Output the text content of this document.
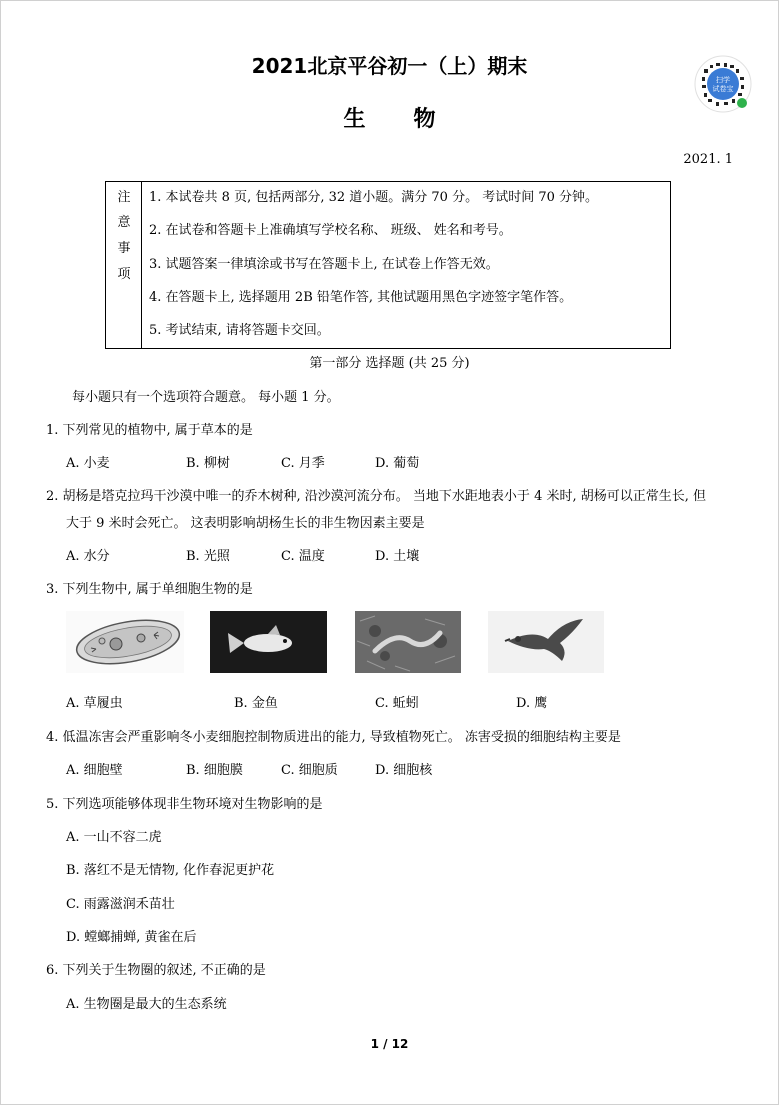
2021北京平谷初一（上）期末
生物
扫学
试卷宝
2021. 1
注
意
事
项
1. 本试卷共 8 页, 包括两部分, 32 道小题。满分 70 分。 考试时间 70 分钟。
2. 在试卷和答题卡上准确填写学校名称、 班级、 姓名和考号。
3. 试题答案一律填涂或书写在答题卡上, 在试卷上作答无效。
4. 在答题卡上, 选择题用 2B 铅笔作答, 其他试题用黑色字迹签字笔作答。
5. 考试结束, 请将答题卡交回。
第一部分 选择题 (共 25 分)
每小题只有一个选项符合题意。 每小题 1 分。
1. 下列常见的植物中, 属于草本的是
A. 小麦	B. 柳树	C. 月季	D. 葡萄
2. 胡杨是塔克拉玛干沙漠中唯一的乔木树种, 沿沙漠河流分布。 当地下水距地表小于 4 米时, 胡杨可以正常生长, 但
大于 9 米时会死亡。 这表明影响胡杨生长的非生物因素主要是
A. 水分	B. 光照	C. 温度	D. 土壤
3. 下列生物中, 属于单细胞生物的是
A. 草履虫	B. 金鱼	C. 蚯蚓	D. 鹰
4. 低温冻害会严重影响冬小麦细胞控制物质进出的能力, 导致植物死亡。 冻害受损的细胞结构主要是
A. 细胞壁	B. 细胞膜	C. 细胞质	D. 细胞核
5. 下列选项能够体现非生物环境对生物影响的是
A. 一山不容二虎
B. 落红不是无情物, 化作春泥更护花
C. 雨露滋润禾苗壮
D. 螳螂捕蝉, 黄雀在后
6. 下列关于生物圈的叙述, 不正确的是
A. 生物圈是最大的生态系统
1 / 12
